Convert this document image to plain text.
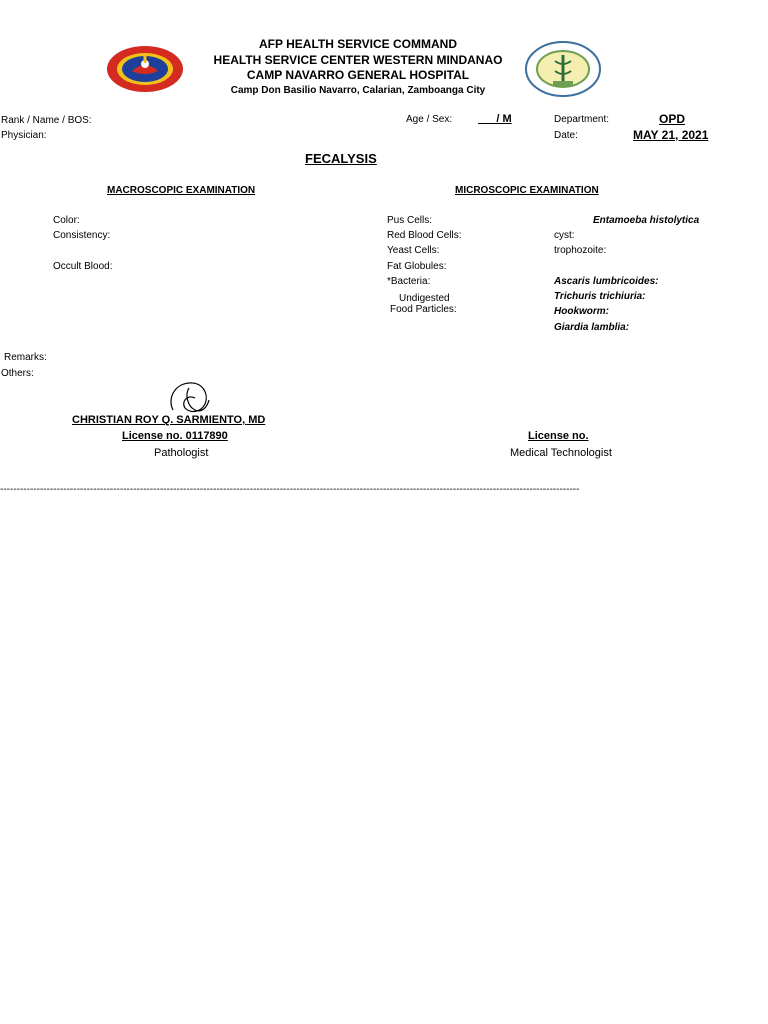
AFP HEALTH SERVICE COMMAND
HEALTH SERVICE CENTER WESTERN MINDANAO
CAMP NAVARRO GENERAL HOSPITAL
Camp Don Basilio Navarro, Calarian, Zamboanga City
Rank / Name / BOS:
Physician:
Age / Sex: ___/ M	Department:	OPD
Date:	MAY 21, 2021
FECALYSIS
MACROSCOPIC EXAMINATION
Color:
Consistency:
Occult Blood:
MICROSCOPIC EXAMINATION
Pus Cells:
Red Blood Cells:
Yeast Cells:
Fat Globules:
*Bacteria:
Undigested
Food Particles:
Entamoeba histolytica
cyst:
trophozoite:
Ascaris lumbricoides:
Trichuris trichiuria:
Hookworm:
Giardia lamblia:
Remarks:
Others:
CHRISTIAN ROY Q. SARMIENTO, MD
License no. 0117890
Pathologist
License no.
Medical Technologist
------------------------------------------------------------------------------------------------------------------------------------------------------------------------------
